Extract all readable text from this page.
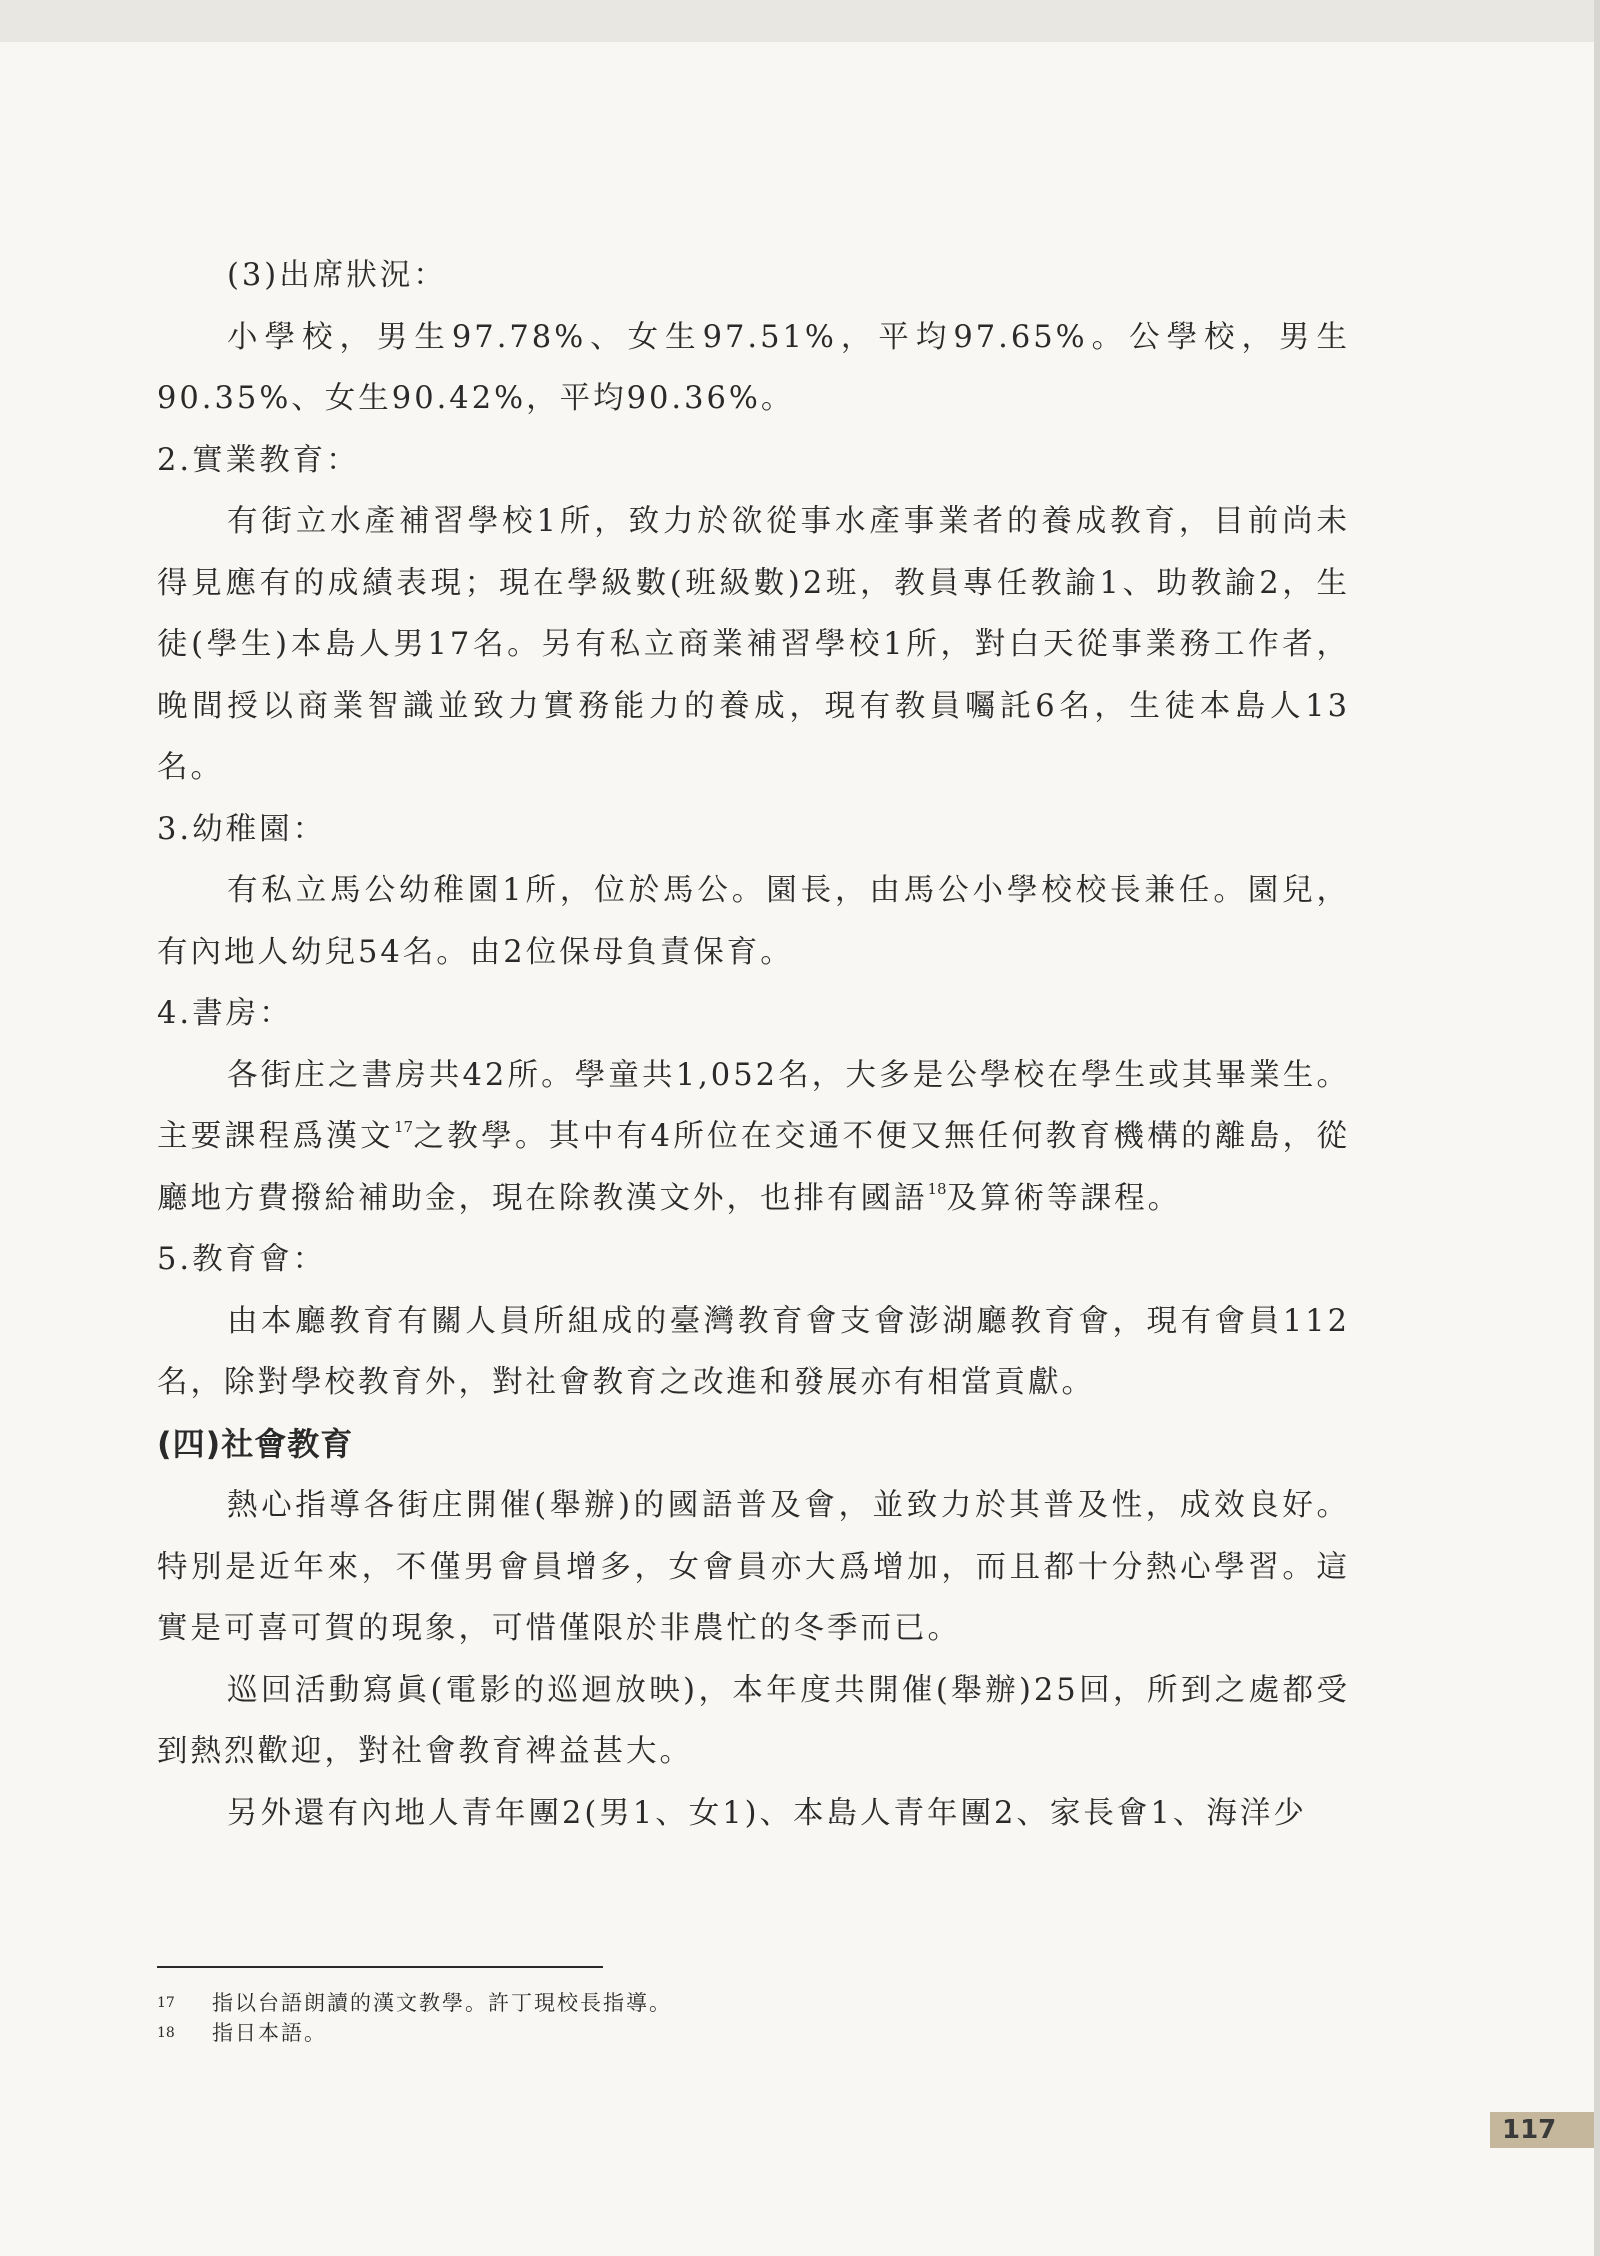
(3)出席狀況：

小學校，男生97.78%、女生97.51%，平均97.65%。公學校，男生90.35%、女生90.42%，平均90.36%。

2.實業教育：

有街立水產補習學校1所，致力於欲從事水產事業者的養成教育，目前尚未得見應有的成績表現；現在學級數(班級數)2班，教員專任教諭1、助教諭2，生徒(學生)本島人男17名。另有私立商業補習學校1所，對白天從事業務工作者，晚間授以商業智識並致力實務能力的養成，現有教員囑託6名，生徒本島人13名。

3.幼稚園：

有私立馬公幼稚園1所，位於馬公。園長，由馬公小學校校長兼任。園兒，有內地人幼兒54名。由2位保母負責保育。

4.書房：

各街庄之書房共42所。學童共1,052名，大多是公學校在學生或其畢業生。主要課程爲漢文$^{17}$之教學。其中有4所位在交通不便又無任何教育機構的離島，從廳地方費撥給補助金，現在除教漢文外，也排有國語$^{18}$及算術等課程。

5.教育會：

由本廳教育有關人員所組成的臺灣教育會支會澎湖廳教育會，現有會員112名，除對學校教育外，對社會教育之改進和發展亦有相當貢獻。

(四)社會教育

熱心指導各街庄開催(舉辦)的國語普及會，並致力於其普及性，成效良好。特別是近年來，不僅男會員增多，女會員亦大爲增加，而且都十分熱心學習。這實是可喜可賀的現象，可惜僅限於非農忙的冬季而已。

巡回活動寫眞(電影的巡迴放映)，本年度共開催(舉辦)25回，所到之處都受到熱烈歡迎，對社會教育裨益甚大。

另外還有內地人青年團2(男1、女1)、本島人青年團2、家長會1、海洋少

17	指以台語朗讀的漢文教學。許丁現校長指導。
18	指日本語。
117
